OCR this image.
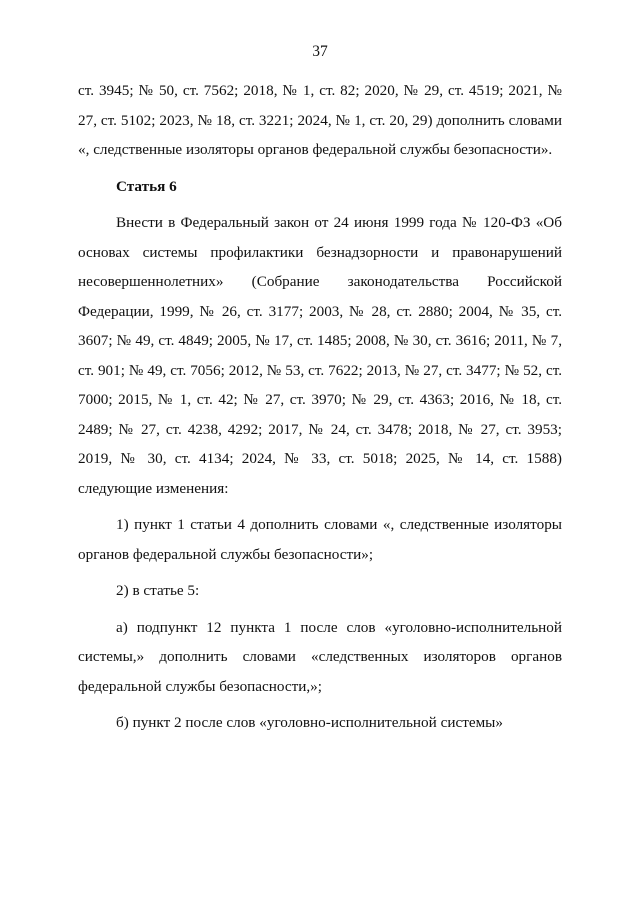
37

ст. 3945; № 50, ст. 7562; 2018, № 1, ст. 82; 2020, № 29, ст. 4519; 2021, № 27, ст. 5102; 2023, № 18, ст. 3221; 2024, № 1, ст. 20, 29) дополнить словами «, следственные изоляторы органов федеральной службы безопасности».

Статья 6

Внести в Федеральный закон от 24 июня 1999 года № 120-ФЗ «Об основах системы профилактики безнадзорности и правонарушений несовершеннолетних» (Собрание законодательства Российской Федерации, 1999, № 26, ст. 3177; 2003, № 28, ст. 2880; 2004, № 35, ст. 3607; № 49, ст. 4849; 2005, № 17, ст. 1485; 2008, № 30, ст. 3616; 2011, № 7, ст. 901; № 49, ст. 7056; 2012, № 53, ст. 7622; 2013, № 27, ст. 3477; № 52, ст. 7000; 2015, № 1, ст. 42; № 27, ст. 3970; № 29, ст. 4363; 2016, № 18, ст. 2489; № 27, ст. 4238, 4292; 2017, № 24, ст. 3478; 2018, № 27, ст. 3953; 2019, № 30, ст. 4134; 2024, № 33, ст. 5018; 2025, № 14, ст. 1588) следующие изменения:

1) пункт 1 статьи 4 дополнить словами «, следственные изоляторы органов федеральной службы безопасности»;

2) в статье 5:

а) подпункт 12 пункта 1 после слов «уголовно-исполнительной системы,» дополнить словами «следственных изоляторов органов федеральной службы безопасности,»;

б) пункт 2 после слов «уголовно-исполнительной системы»
